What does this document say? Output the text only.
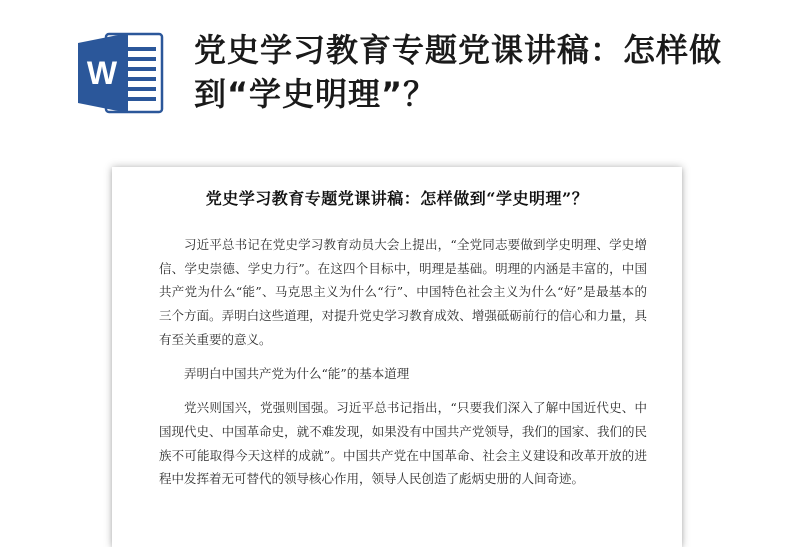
W
党史学习教育专题党课讲稿：怎样做到“学史明理”？
党史学习教育专题党课讲稿：怎样做到“学史明理”？

习近平总书记在党史学习教育动员大会上提出，“全党同志要做到学史明理、学史增信、学史崇德、学史力行”。在这四个目标中，明理是基础。明理的内涵是丰富的，中国共产党为什么“能”、马克思主义为什么“行”、中国特色社会主义为什么“好”是最基本的三个方面。弄明白这些道理，对提升党史学习教育成效、增强砥砺前行的信心和力量，具有至关重要的意义。

弄明白中国共产党为什么“能”的基本道理

党兴则国兴，党强则国强。习近平总书记指出，“只要我们深入了解中国近代史、中国现代史、中国革命史，就不难发现，如果没有中国共产党领导，我们的国家、我们的民族不可能取得今天这样的成就”。中国共产党在中国革命、社会主义建设和改革开放的进程中发挥着无可替代的领导核心作用，领导人民创造了彪炳史册的人间奇迹。
